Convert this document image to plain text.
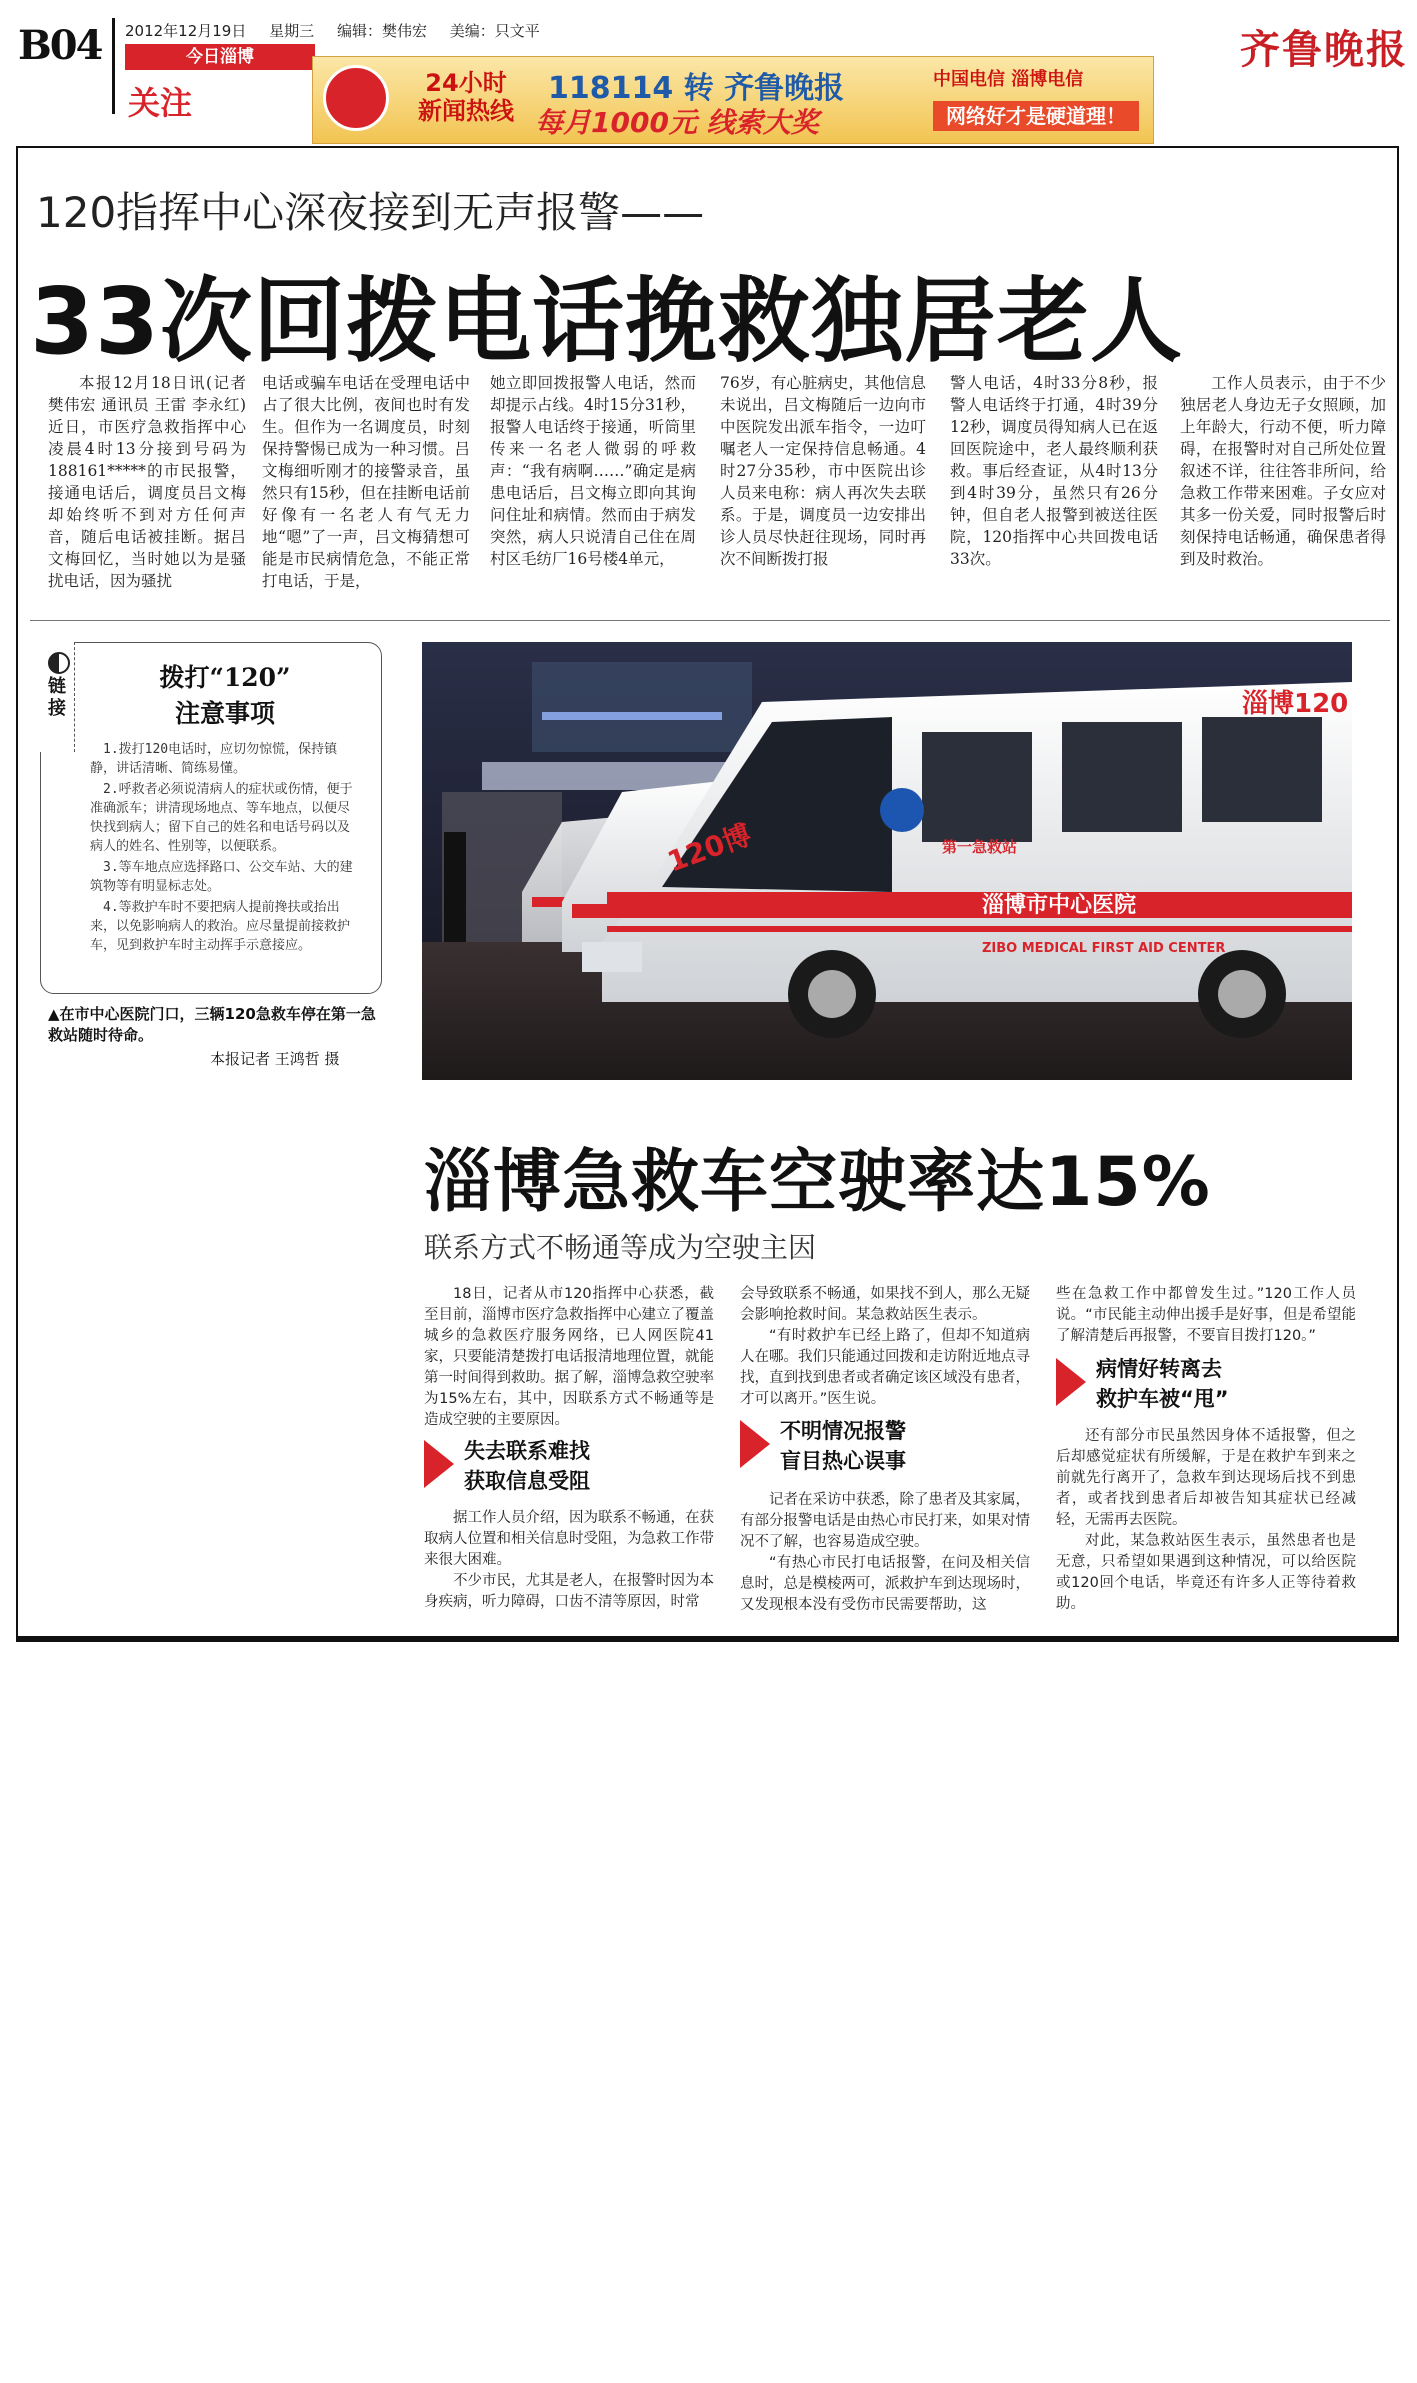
B04 2012年12月19日 星期三 编辑：樊伟宏 美编：只文平
今日淄博
关注
齐鲁晚报
24小时
新闻热线
118114 转 齐鲁晚报
每月1000元 线索大奖
中国电信 淄博电信
网络好才是硬道理！
120指挥中心深夜接到无声报警——
33次回拨电话挽救独居老人

本报12月18日讯(记者 樊伟宏 通讯员 王雷 李永红) 近日，市医疗急救指挥中心凌晨4时13分接到号码为188161*****的市民报警，接通电话后，调度员吕文梅却始终听不到对方任何声音，随后电话被挂断。据吕文梅回忆，当时她以为是骚扰电话，因为骚扰

电话或骗车电话在受理电话中占了很大比例，夜间也时有发生。但作为一名调度员，时刻保持警惕已成为一种习惯。吕文梅细听刚才的接警录音，虽然只有15秒，但在挂断电话前好像有一名老人有气无力地“嗯”了一声，吕文梅猜想可能是市民病情危急，不能正常打电话，于是，

她立即回拨报警人电话，然而却提示占线。4时15分31秒，报警人电话终于接通，听筒里传来一名老人微弱的呼救声：“我有病啊……”确定是病患电话后，吕文梅立即向其询问住址和病情。然而由于病发突然，病人只说清自己住在周村区毛纺厂16号楼4单元，

76岁，有心脏病史，其他信息未说出，吕文梅随后一边向市中医院发出派车指令，一边叮嘱老人一定保持信息畅通。4时27分35秒，市中医院出诊人员来电称：病人再次失去联系。于是，调度员一边安排出诊人员尽快赶往现场，同时再次不间断拨打报

警人电话，4时33分8秒，报警人电话终于打通，4时39分12秒，调度员得知病人已在返回医院途中，老人最终顺利获救。事后经查证，从4时13分到4时39分，虽然只有26分钟，但自老人报警到被送往医院，120指挥中心共回拨电话33次。

工作人员表示，由于不少独居老人身边无子女照顾，加上年龄大，行动不便，听力障碍，在报警时对自己所处位置叙述不详，往往答非所问，给急救工作带来困难。子女应对其多一份关爱，同时报警后时刻保持电话畅通，确保患者得到及时救治。

链接
拨打“120”
注意事项

1.拨打120电话时，应切勿惊慌，保持镇静，讲话清晰、简练易懂。

2.呼救者必须说清病人的症状或伤情，便于准确派车；讲清现场地点、等车地点，以便尽快找到病人；留下自己的姓名和电话号码以及病人的姓名、性别等，以便联系。

3.等车地点应选择路口、公交车站、大的建筑物等有明显标志处。

4.等救护车时不要把病人提前搀扶或抬出来，以免影响病人的救治。应尽量提前接救护车，见到救护车时主动挥手示意接应。

▲在市中心医院门口，三辆120急救车停在第一急救站随时待命。
本报记者 王鸿哲 摄
淄博120
淄博市中心医院
ZIBO MEDICAL FIRST AID CENTER
第一急救站
120博
淄博急救车空驶率达15%
联系方式不畅通等成为空驶主因

18日，记者从市120指挥中心获悉，截至目前，淄博市医疗急救指挥中心建立了覆盖城乡的急救医疗服务网络，已人网医院41家，只要能清楚拨打电话报清地理位置，就能第一时间得到救助。据了解，淄博急救空驶率为15%左右，其中，因联系方式不畅通等是造成空驶的主要原因。

失去联系难找
获取信息受阻

据工作人员介绍，因为联系不畅通，在获取病人位置和相关信息时受阻，为急救工作带来很大困难。

不少市民，尤其是老人，在报警时因为本身疾病，听力障碍，口齿不清等原因，时常

会导致联系不畅通，如果找不到人，那么无疑会影响抢救时间。某急救站医生表示。

“有时救护车已经上路了，但却不知道病人在哪。我们只能通过回拨和走访附近地点寻找，直到找到患者或者确定该区域没有患者，才可以离开。”医生说。

不明情况报警
盲目热心误事

记者在采访中获悉，除了患者及其家属，有部分报警电话是由热心市民打来，如果对情况不了解，也容易造成空驶。

“有热心市民打电话报警，在问及相关信息时，总是模棱两可，派救护车到达现场时，又发现根本没有受伤市民需要帮助，这

些在急救工作中都曾发生过。”120工作人员说。“市民能主动伸出援手是好事，但是希望能了解清楚后再报警，不要盲目拨打120。”

病情好转离去
救护车被“甩”

还有部分市民虽然因身体不适报警，但之后却感觉症状有所缓解，于是在救护车到来之前就先行离开了，急救车到达现场后找不到患者，或者找到患者后却被告知其症状已经减轻，无需再去医院。

对此，某急救站医生表示，虽然患者也是无意，只希望如果遇到这种情况，可以给医院或120回个电话，毕竟还有许多人正等待着救助。
